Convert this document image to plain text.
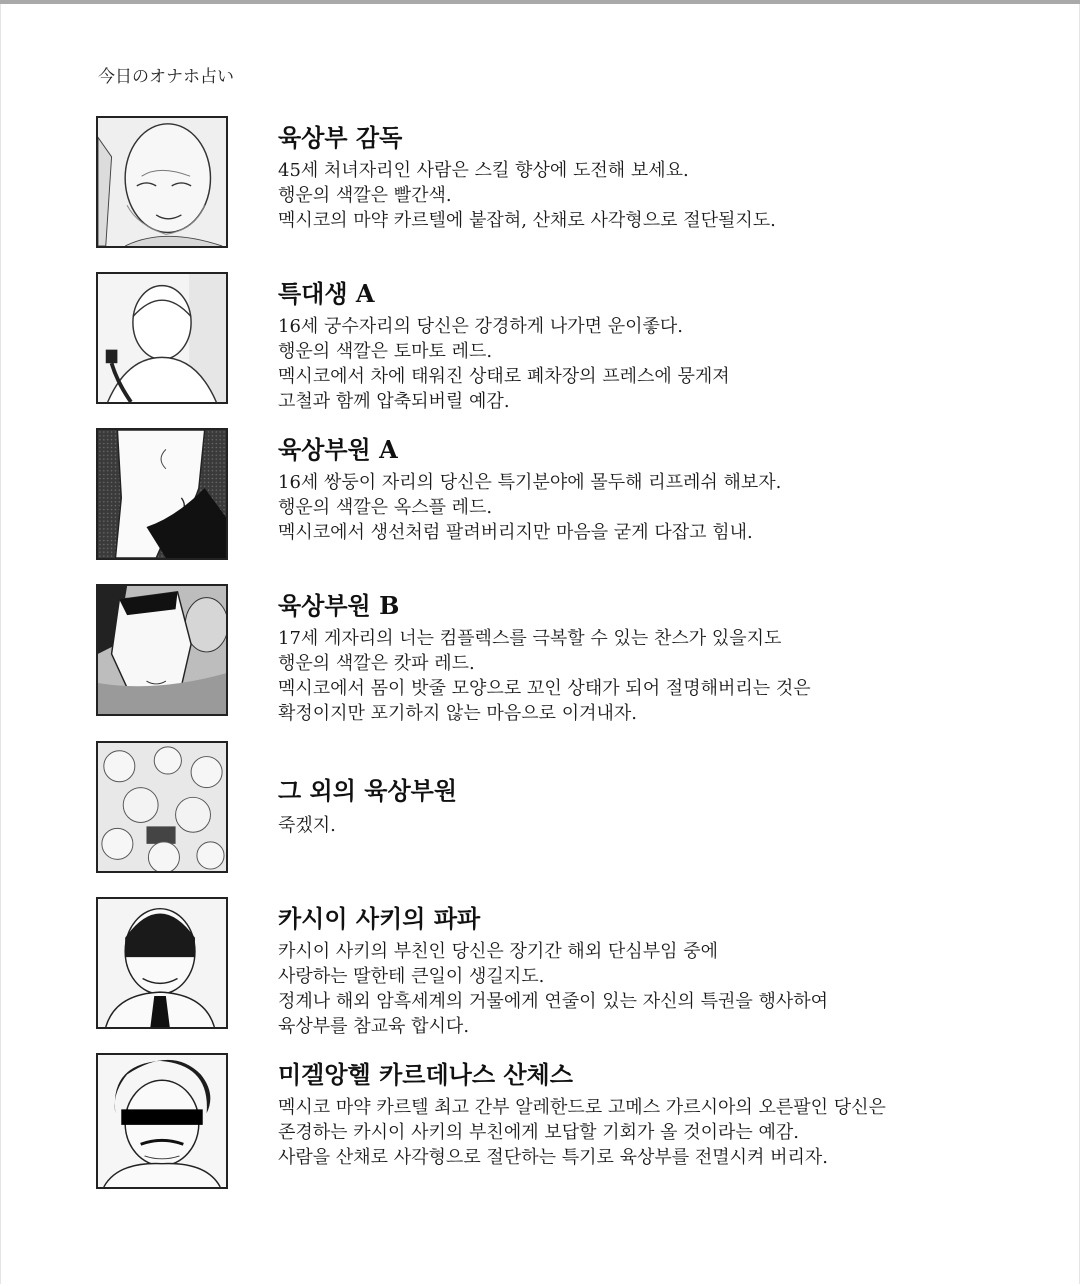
今日のオナホ占い
육상부 감독
45세 처녀자리인 사람은 스킬 향상에 도전해 보세요.
행운의 색깔은 빨간색.
멕시코의 마약 카르텔에 붙잡혀, 산채로 사각형으로 절단될지도.
특대생 A
16세 궁수자리의 당신은 강경하게 나가면 운이좋다.
행운의 색깔은 토마토 레드.
멕시코에서 차에 태워진 상태로 폐차장의 프레스에 뭉게져
고철과 함께 압축되버릴 예감.
육상부원 A
16세 쌍둥이 자리의 당신은 특기분야에 몰두해 리프레쉬 해보자.
행운의 색깔은 옥스플 레드.
멕시코에서 생선처럼 팔려버리지만 마음을 굳게 다잡고 힘내.
육상부원 B
17세 게자리의 너는 컴플렉스를 극복할 수 있는 찬스가 있을지도
행운의 색깔은 캇파 레드.
멕시코에서 몸이 밧줄 모양으로 꼬인 상태가 되어 절명해버리는 것은
확정이지만 포기하지 않는 마음으로 이겨내자.
그 외의 육상부원
죽겠지.
카시이 사키의 파파
카시이 사키의 부친인 당신은 장기간 해외 단심부임 중에
사랑하는 딸한테 큰일이 생길지도.
정계나 해외 암흑세계의 거물에게 연줄이 있는 자신의 특권을 행사하여
육상부를 참교육 합시다.
미겔앙헬 카르데나스 산체스
멕시코 마약 카르텔 최고 간부 알레한드로 고메스 가르시아의 오른팔인 당신은
존경하는 카시이 사키의 부친에게 보답할 기회가 올 것이라는 예감.
사람을 산채로 사각형으로 절단하는 특기로 육상부를 전멸시켜 버리자.
